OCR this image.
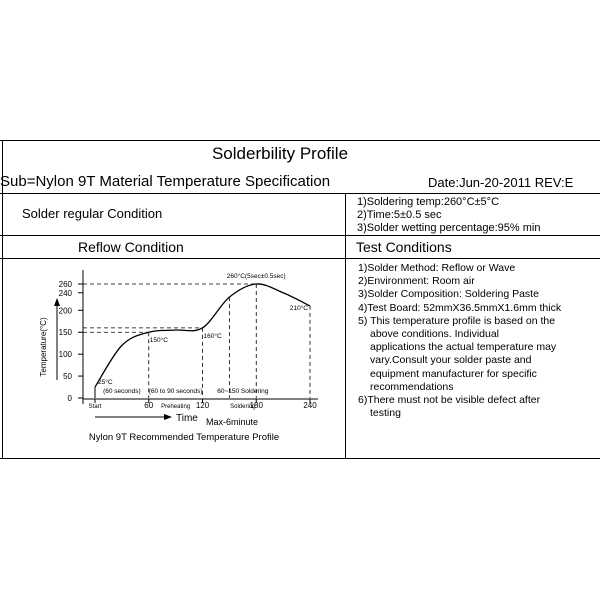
Solderbility Profile
Sub=Nylon 9T Material Temperature Specification	Date:Jun-20-2011 REV:E
Solder regular Condition
1)Soldering temp:260°C±5°C
2)Time:5±0.5 sec
3)Solder wetting percentage:95% min
Reflow Condition	Test Conditions
1)Solder Method: Reflow or Wave
2)Environment: Room air
3)Solder Composition: Soldering Paste
4)Test Board: 52mmX36.5mmX1.6mm thick
5) This temperature profile is based on the
above conditions. Individual
applications the actual temperature may
vary.Consult your solder paste and
equipment manufacturer for specific
recommendations
6)There must not be visible defect after
testing
0
50
100
150
200
240
260
Start	60	120	180	240
25°C
150°C
160°C
210°C
260°C(5sec±0.5sec)
(60 seconds) (60 to 90 seconds) 60~150 Soldering
Preheating	Soldering
Temperature(°C)
Time Max-6minute
Nylon 9T Recommended Temperature Profile
